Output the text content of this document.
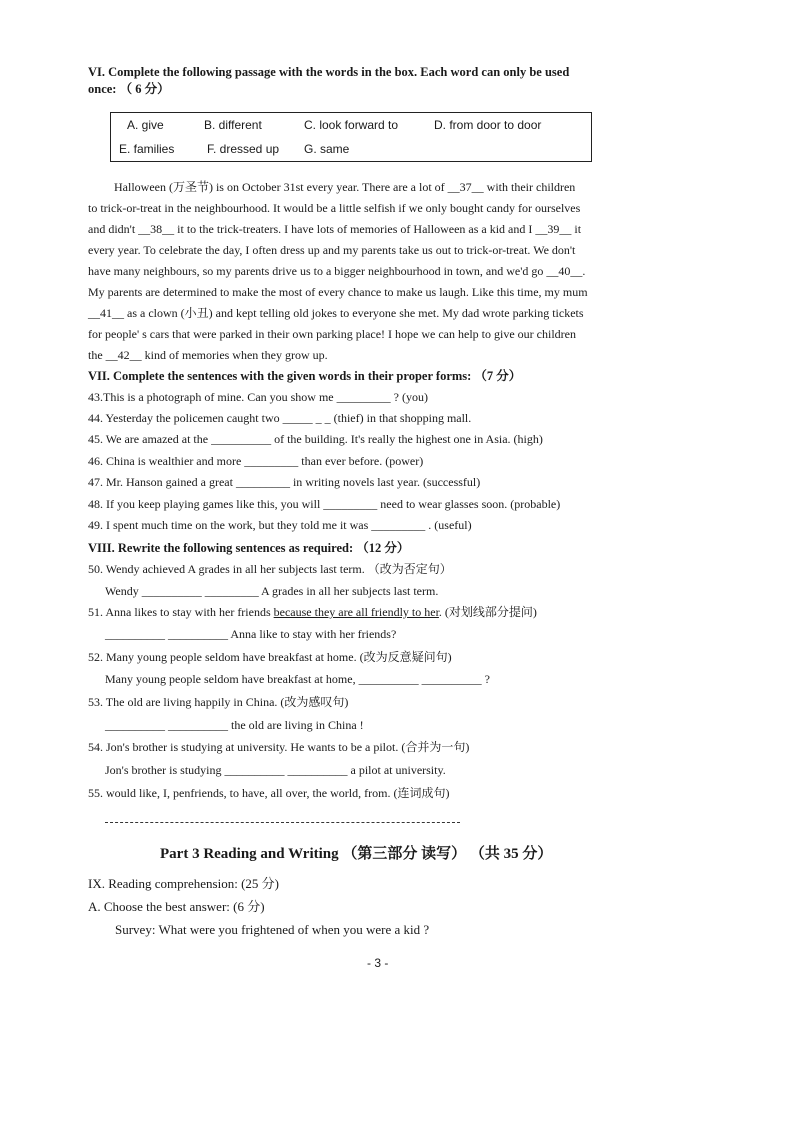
VI. Complete the following passage with the words in the box. Each word can only be used
once: （ 6 分）
A. give	B. different	C. look forward to	D. from door to door
E. families	F. dressed up G. same
Halloween (万圣节) is on October 31st every year. There are a lot of __37__ with their children
to trick-or-treat in the neighbourhood. It would be a little selfish if we only bought candy for ourselves
and didn't __38__ it to the trick-treaters. I have lots of memories of Halloween as a kid and I __39__ it
every year. To celebrate the day, I often dress up and my parents take us out to trick-or-treat. We don't
have many neighbours, so my parents drive us to a bigger neighbourhood in town, and we'd go __40__.
My parents are determined to make the most of every chance to make us laugh. Like this time, my mum
__41__ as a clown (小丑) and kept telling old jokes to everyone she met. My dad wrote parking tickets
for people' s cars that were parked in their own parking place! I hope we can help to give our children
the __42__ kind of memories when they grow up.
VII. Complete the sentences with the given words in their proper forms: （7 分）
43.This is a photograph of mine. Can you show me _________ ? (you)
44. Yesterday the policemen caught two _____ _ _ (thief) in that shopping mall.
45. We are amazed at the __________ of the building. It's really the highest one in Asia. (high)
46. China is wealthier and more _________ than ever before. (power)
47. Mr. Hanson gained a great _________ in writing novels last year. (successful)
48. If you keep playing games like this, you will _________ need to wear glasses soon. (probable)
49. I spent much time on the work, but they told me it was _________ . (useful)
VIII. Rewrite the following sentences as required: （12 分）
50. Wendy achieved A grades in all her subjects last term. （改为否定句）
Wendy __________ _________ A grades in all her subjects last term.
51. Anna likes to stay with her friends because they are all friendly to her. (对划线部分提问)
__________ __________ Anna like to stay with her friends?
52. Many young people seldom have breakfast at home. (改为反意疑问句)
Many young people seldom have breakfast at home, __________ __________ ?
53. The old are living happily in China. (改为感叹句)
__________ __________ the old are living in China !
54. Jon's brother is studying at university. He wants to be a pilot. (合并为一句)
Jon's brother is studying __________ __________ a pilot at university.
55. would like, I, penfriends, to have, all over, the world, from. (连词成句)
Part 3 Reading and Writing （第三部分 读写） （共 35 分）
IX. Reading comprehension: (25 分)
A. Choose the best answer: (6 分)
Survey: What were you frightened of when you were a kid ?
- 3 -
